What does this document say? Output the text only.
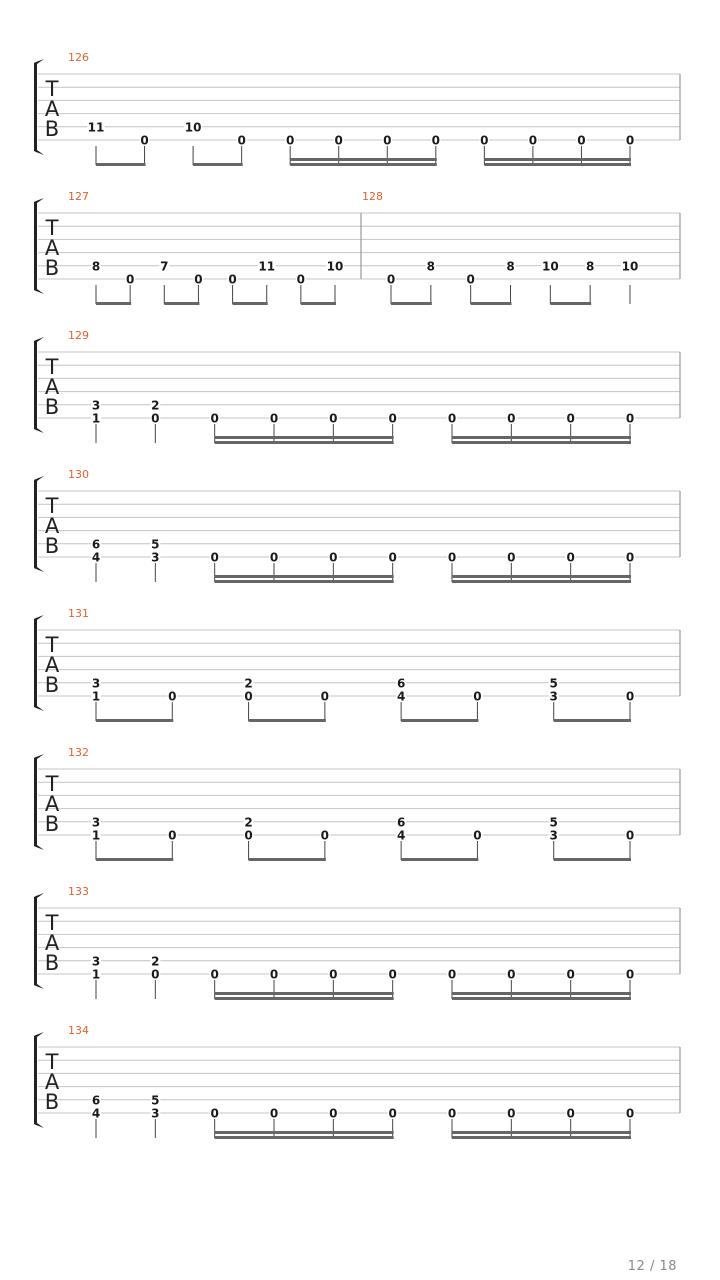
T
A
B
126
11
0
10
0	0	0	0	0	0	0	0	0
T
A
B
127
8
0
7
0 0
11
0
10
128
0
8
0
8 10 8 10
T
A
B
129
3
1
2
0	0	0	0	0	0	0	0	0
T
A
B
130
6
4
5
3	0	0	0	0	0	0	0	0
T
A
B
131
3
1	0
2
0	0
6
4	0
5
3	0
T
A
B
132
3
1	0
2
0	0
6
4	0
5
3	0
T
A
B
133
3
1
2
0	0	0	0	0	0	0	0	0
T
A
B
134
6
4
5
3	0	0	0	0	0	0	0	0
12 / 18
